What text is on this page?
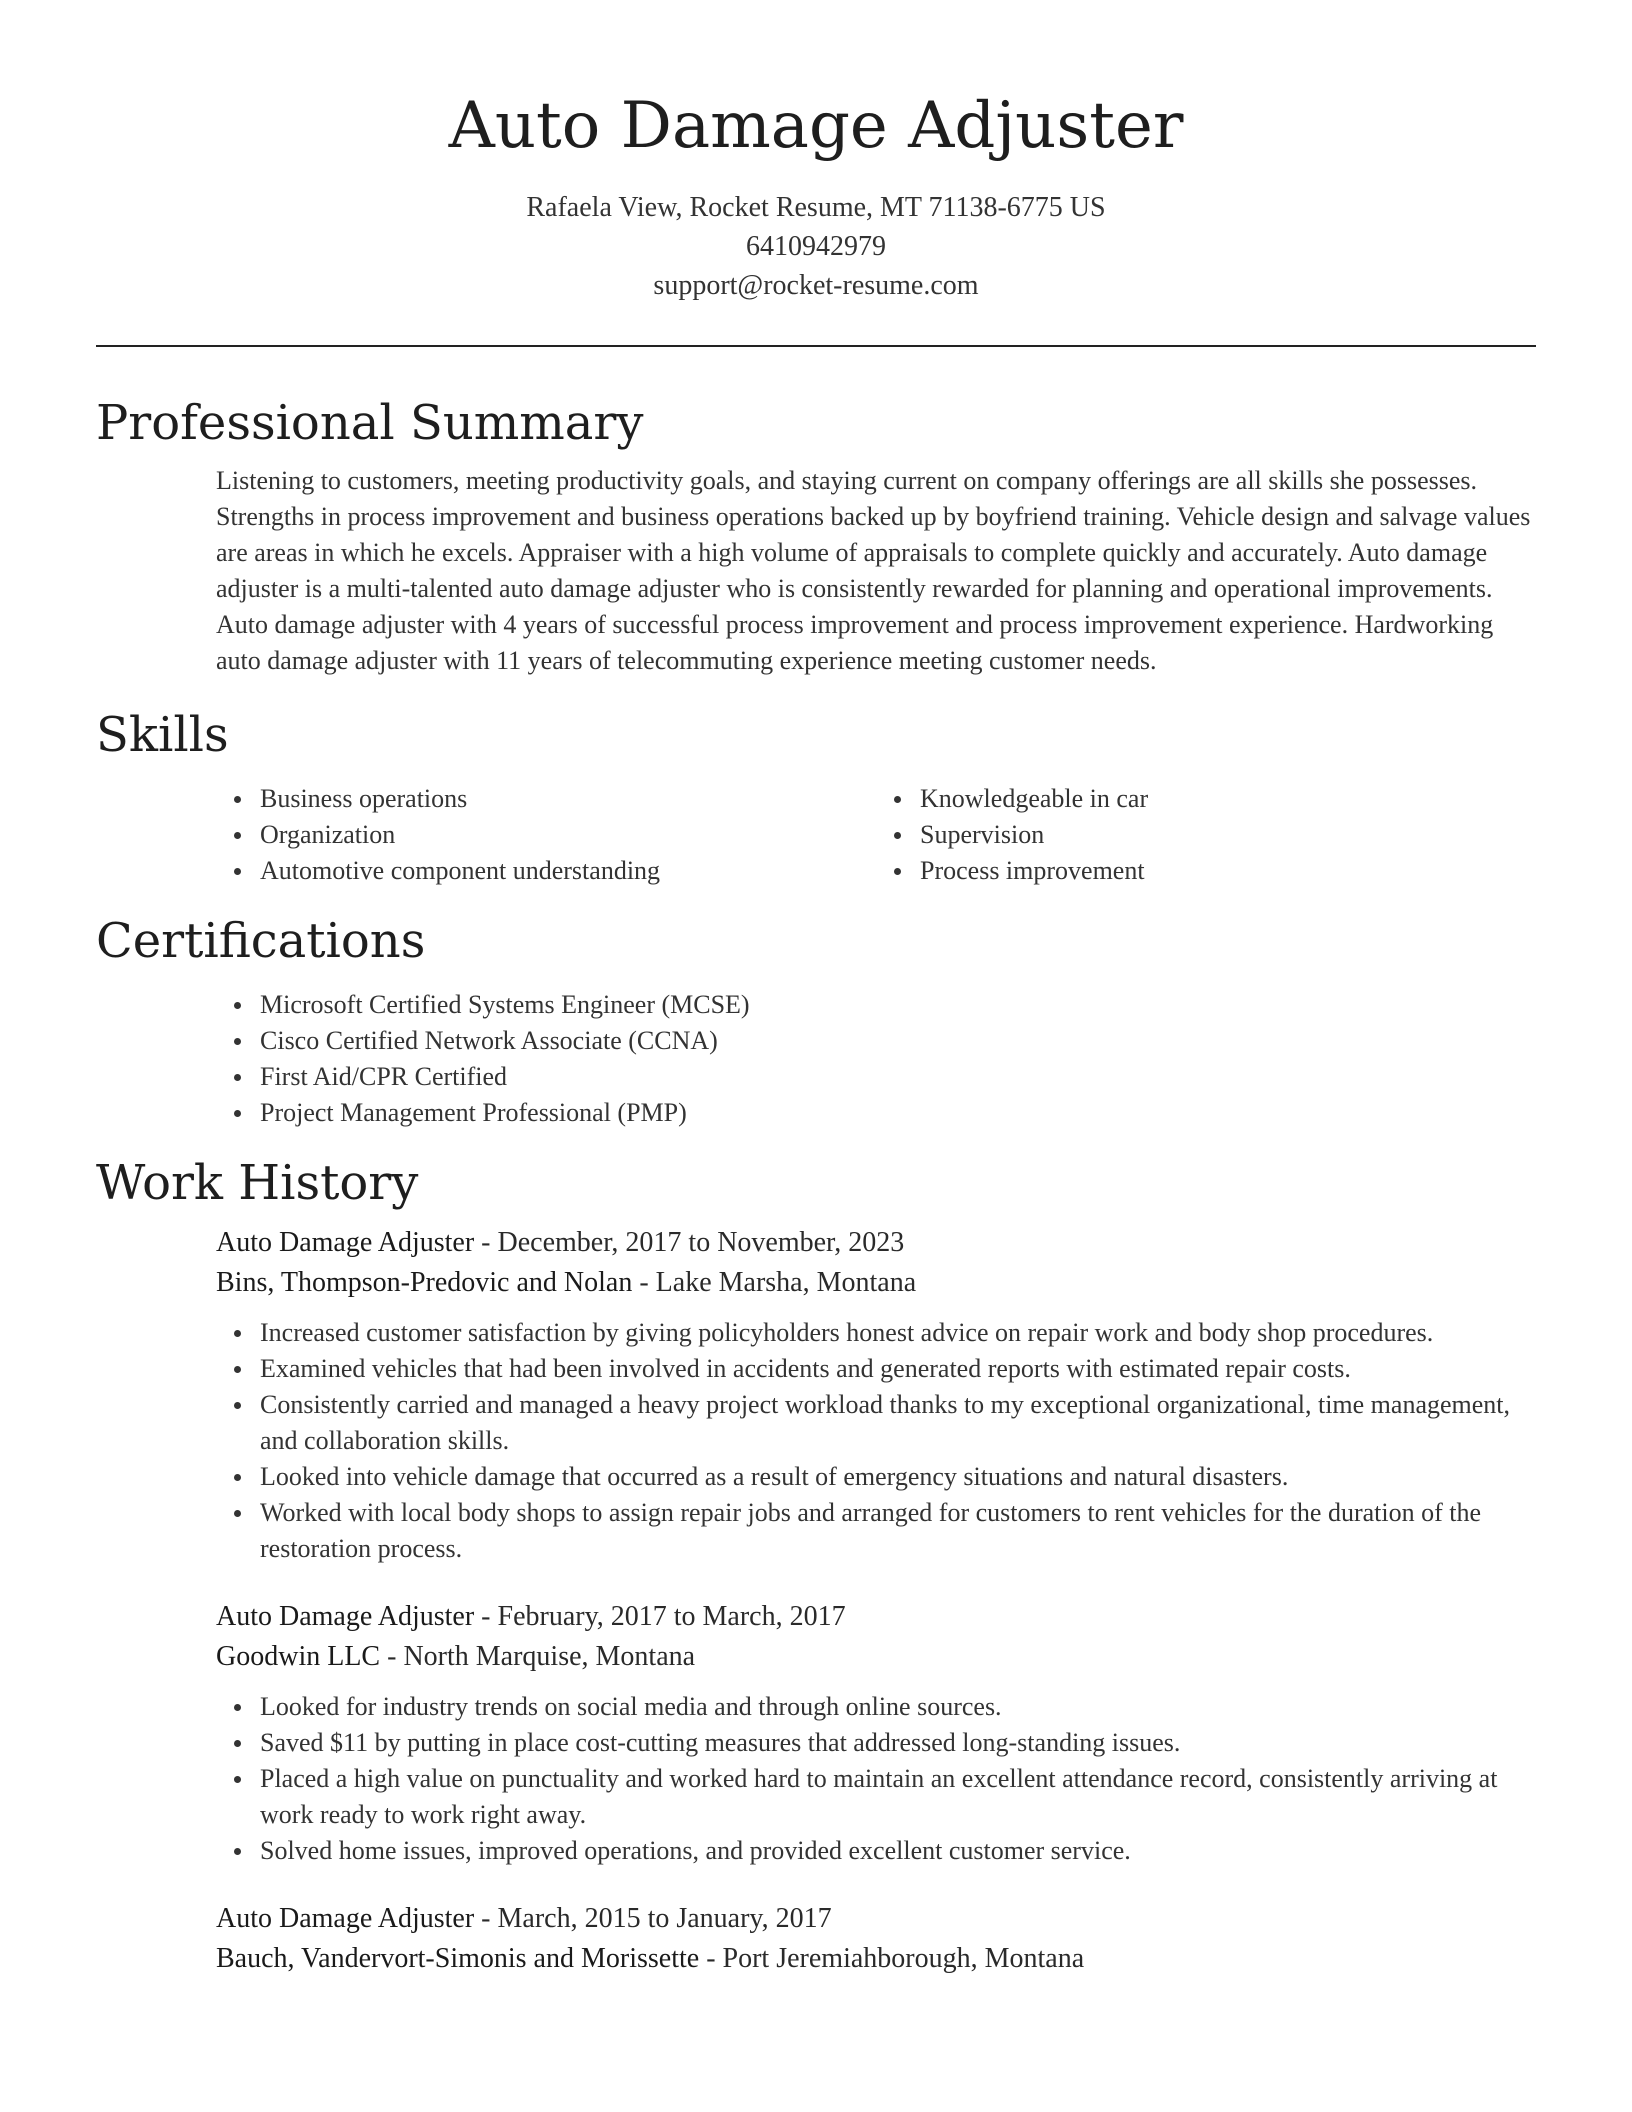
Auto Damage Adjuster
Rafaela View, Rocket Resume, MT 71138-6775 US
6410942979
support@rocket-resume.com
Professional Summary
Listening to customers, meeting productivity goals, and staying current on company offerings are all skills she possesses. Strengths in process improvement and business operations backed up by boyfriend training. Vehicle design and salvage values are areas in which he excels. Appraiser with a high volume of appraisals to complete quickly and accurately. Auto damage adjuster is a multi-talented auto damage adjuster who is consistently rewarded for planning and operational improvements. Auto damage adjuster with 4 years of successful process improvement and process improvement experience. Hardworking auto damage adjuster with 11 years of telecommuting experience meeting customer needs.
Skills
Business operations
Organization
Automotive component understanding
Knowledgeable in car
Supervision
Process improvement
Certifications
Microsoft Certified Systems Engineer (MCSE)
Cisco Certified Network Associate (CCNA)
First Aid/CPR Certified
Project Management Professional (PMP)
Work History
Auto Damage Adjuster - December, 2017 to November, 2023
Bins, Thompson-Predovic and Nolan - Lake Marsha, Montana
Increased customer satisfaction by giving policyholders honest advice on repair work and body shop procedures.
Examined vehicles that had been involved in accidents and generated reports with estimated repair costs.
Consistently carried and managed a heavy project workload thanks to my exceptional organizational, time management, and collaboration skills.
Looked into vehicle damage that occurred as a result of emergency situations and natural disasters.
Worked with local body shops to assign repair jobs and arranged for customers to rent vehicles for the duration of the restoration process.
Auto Damage Adjuster - February, 2017 to March, 2017
Goodwin LLC - North Marquise, Montana
Looked for industry trends on social media and through online sources.
Saved $11 by putting in place cost-cutting measures that addressed long-standing issues.
Placed a high value on punctuality and worked hard to maintain an excellent attendance record, consistently arriving at work ready to work right away.
Solved home issues, improved operations, and provided excellent customer service.
Auto Damage Adjuster - March, 2015 to January, 2017
Bauch, Vandervort-Simonis and Morissette - Port Jeremiahborough, Montana
